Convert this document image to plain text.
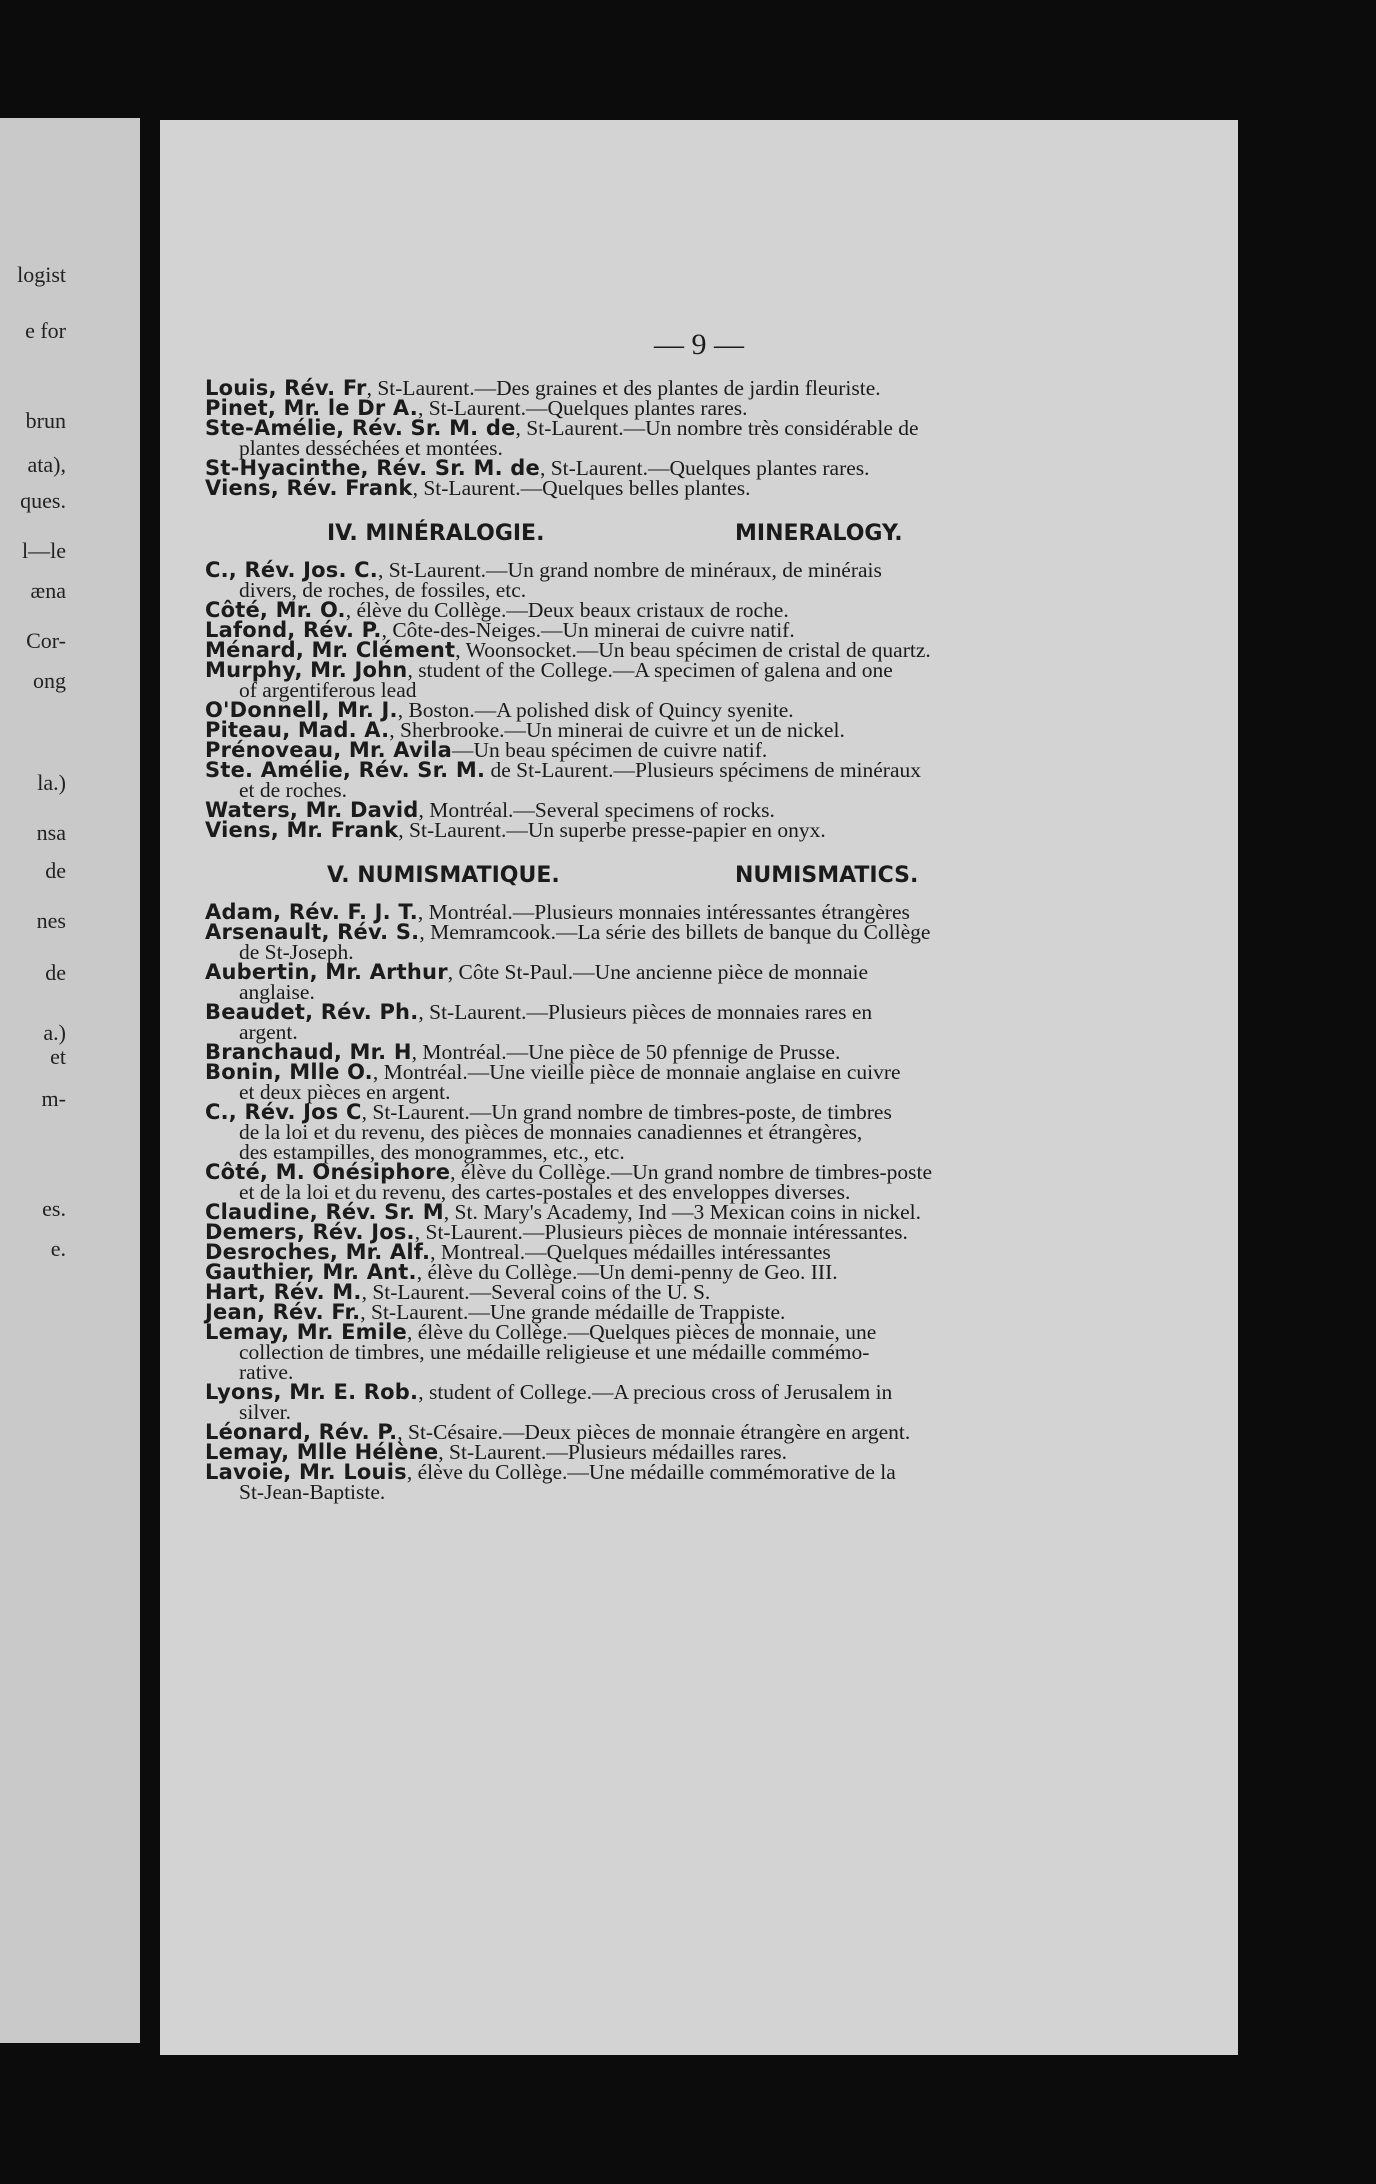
logist
e for
brun
ata),
ques.
l—le
æna
Cor-
ong
la.)
nsa
de
nes
de
a.)
et
m-
es.
e.

— 9 —

Louis, Rév. Fr, St-Laurent.—Des graines et des plantes de jardin fleuriste.

Pinet, Mr. le Dr A., St-Laurent.—Quelques plantes rares.

Ste-Amélie, Rév. Sr. M. de, St-Laurent.—Un nombre très considérable de

plantes desséchées et montées.

St-Hyacinthe, Rév. Sr. M. de, St-Laurent.—Quelques plantes rares.

Viens, Rév. Frank, St-Laurent.—Quelques belles plantes.

IV. MINÉRALOGIE.	MINERALOGY.

C., Rév. Jos. C., St-Laurent.—Un grand nombre de minéraux, de minérais

divers, de roches, de fossiles, etc.

Côté, Mr. O., élève du Collège.—Deux beaux cristaux de roche.

Lafond, Rév. P., Côte-des-Neiges.—Un minerai de cuivre natif.

Ménard, Mr. Clément, Woonsocket.—Un beau spécimen de cristal de quartz.

Murphy, Mr. John, student of the College.—A specimen of galena and one

of argentiferous lead

O'Donnell, Mr. J., Boston.—A polished disk of Quincy syenite.

Piteau, Mad. A., Sherbrooke.—Un minerai de cuivre et un de nickel.

Prénoveau, Mr. Avila—Un beau spécimen de cuivre natif.

Ste. Amélie, Rév. Sr. M. de St-Laurent.—Plusieurs spécimens de minéraux

et de roches.

Waters, Mr. David, Montréal.—Several specimens of rocks.

Viens, Mr. Frank, St-Laurent.—Un superbe presse-papier en onyx.

V. NUMISMATIQUE.	NUMISMATICS.

Adam, Rév. F. J. T., Montréal.—Plusieurs monnaies intéressantes étrangères

Arsenault, Rév. S., Memramcook.—La série des billets de banque du Collège

de St-Joseph.

Aubertin, Mr. Arthur, Côte St-Paul.—Une ancienne pièce de monnaie

anglaise.

Beaudet, Rév. Ph., St-Laurent.—Plusieurs pièces de monnaies rares en

argent.

Branchaud, Mr. H, Montréal.—Une pièce de 50 pfennige de Prusse.

Bonin, Mlle O., Montréal.—Une vieille pièce de monnaie anglaise en cuivre

et deux pièces en argent.

C., Rév. Jos C, St-Laurent.—Un grand nombre de timbres-poste, de timbres

de la loi et du revenu, des pièces de monnaies canadiennes et étrangères,

des estampilles, des monogrammes, etc., etc.

Côté, M. Onésiphore, élève du Collège.—Un grand nombre de timbres-poste

et de la loi et du revenu, des cartes-postales et des enveloppes diverses.

Claudine, Rév. Sr. M, St. Mary's Academy, Ind —3 Mexican coins in nickel.

Demers, Rév. Jos., St-Laurent.—Plusieurs pièces de monnaie intéressantes.

Desroches, Mr. Alf., Montreal.—Quelques médailles intéressantes

Gauthier, Mr. Ant., élève du Collège.—Un demi-penny de Geo. III.

Hart, Rév. M., St-Laurent.—Several coins of the U. S.

Jean, Rév. Fr., St-Laurent.—Une grande médaille de Trappiste.

Lemay, Mr. Emile, élève du Collège.—Quelques pièces de monnaie, une

collection de timbres, une médaille religieuse et une médaille commémo-

rative.

Lyons, Mr. E. Rob., student of College.—A precious cross of Jerusalem in

silver.

Léonard, Rév. P., St-Césaire.—Deux pièces de monnaie étrangère en argent.

Lemay, Mlle Hélène, St-Laurent.—Plusieurs médailles rares.

Lavoie, Mr. Louis, élève du Collège.—Une médaille commémorative de la

St-Jean-Baptiste.
